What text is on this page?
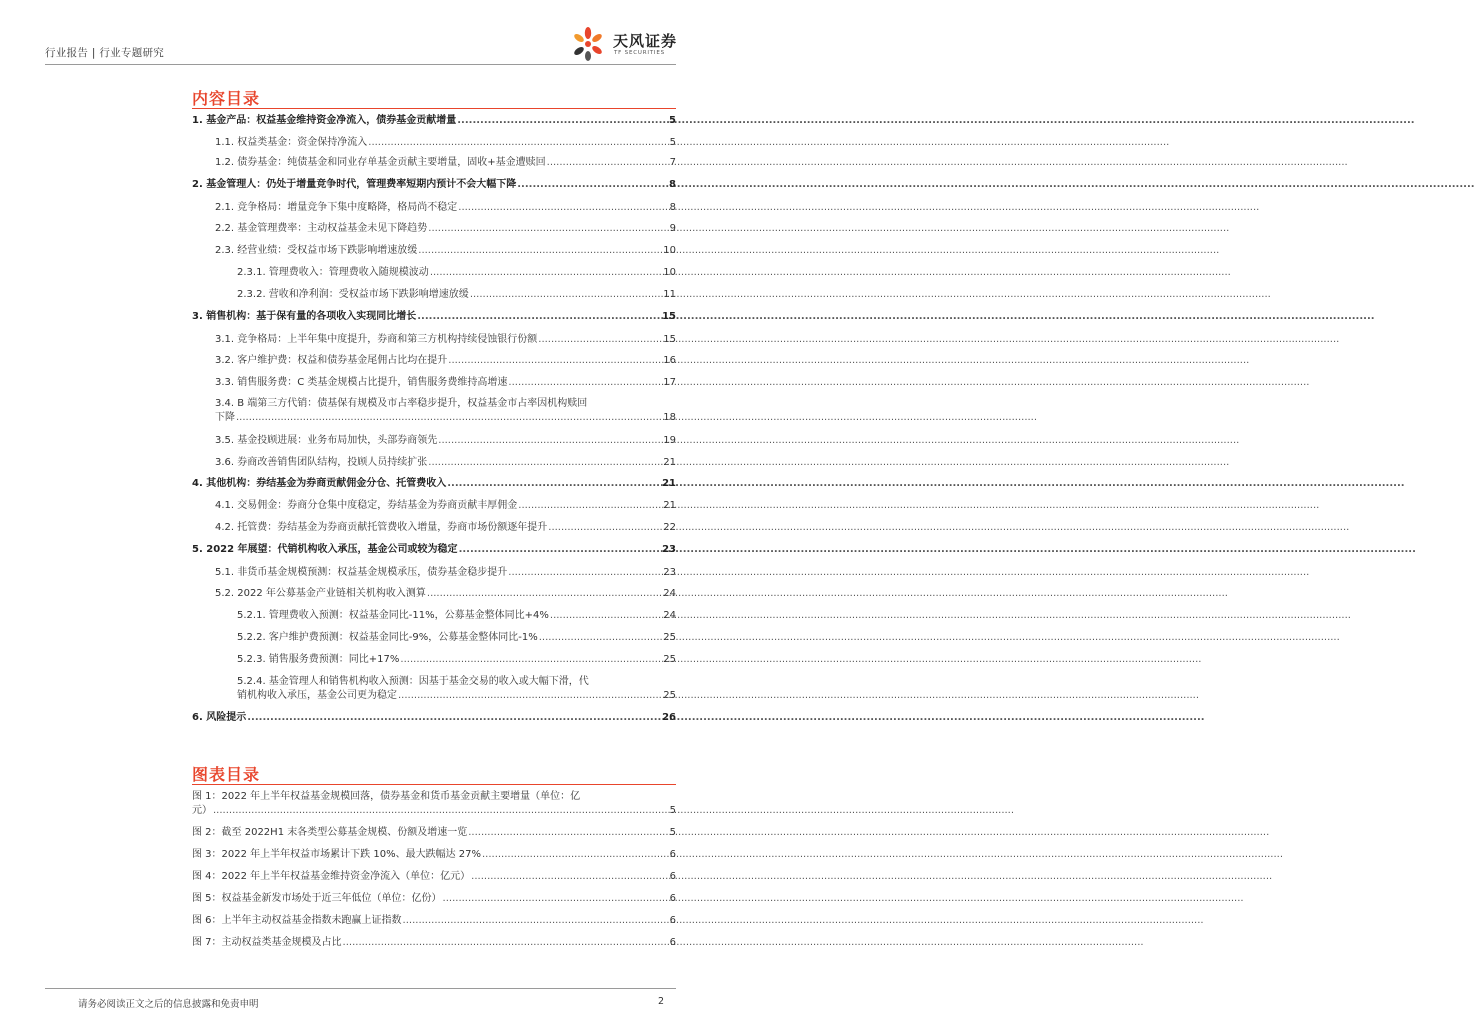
行业报告 | 行业专题研究
天风证券
TF SECURITIES
内容目录
1. 基金产品：权益基金维持资金净流入，债券基金贡献增量 .....	5
1.1. 权益类基金：资金保持净流入 .....	5
1.2. 债券基金：纯债基金和同业存单基金贡献主要增量，固收+基金遭赎回 .....	7
2. 基金管理人：仍处于增量竞争时代，管理费率短期内预计不会大幅下降 .....	8
2.1. 竞争格局：增量竞争下集中度略降，格局尚不稳定 .....	8
2.2. 基金管理费率：主动权益基金未见下降趋势 .....	9
2.3. 经营业绩：受权益市场下跌影响增速放缓 .....	10
2.3.1. 管理费收入：管理费收入随规模波动 .....	10
2.3.2. 营收和净利润：受权益市场下跌影响增速放缓 .....	11
3. 销售机构：基于保有量的各项收入实现同比增长 .....	15
3.1. 竞争格局：上半年集中度提升，券商和第三方机构持续侵蚀银行份额 .....	15
3.2. 客户维护费：权益和债券基金尾佣占比均在提升 .....	16
3.3. 销售服务费：C 类基金规模占比提升，销售服务费维持高增速 .....	17
3.4. B 端第三方代销：债基保有规模及市占率稳步提升，权益基金市占率因机构赎回
下降 .....	18
3.5. 基金投顾进展：业务布局加快，头部券商领先 .....	19
3.6. 券商改善销售团队结构，投顾人员持续扩张 .....	21
4. 其他机构：券结基金为券商贡献佣金分仓、托管费收入 .....	21
4.1. 交易佣金：券商分仓集中度稳定，券结基金为券商贡献丰厚佣金 .....	21
4.2. 托管费：券结基金为券商贡献托管费收入增量，券商市场份额逐年提升 .....	22
5. 2022 年展望：代销机构收入承压，基金公司或较为稳定 .....	23
5.1. 非货币基金规模预测：权益基金规模承压，债券基金稳步提升 .....	23
5.2. 2022 年公募基金产业链相关机构收入测算 .....	24
5.2.1. 管理费收入预测：权益基金同比-11%，公募基金整体同比+4% .....	24
5.2.2. 客户维护费预测：权益基金同比-9%，公募基金整体同比-1% .....	25
5.2.3. 销售服务费预测：同比+17% .....	25
5.2.4. 基金管理人和销售机构收入预测：因基于基金交易的收入或大幅下滑，代
销机构收入承压，基金公司更为稳定 .....	25
6. 风险提示 .....	26
图表目录
图 1：2022 年上半年权益基金规模回落，债券基金和货币基金贡献主要增量（单位：亿
元） .....	5
图 2：截至 2022H1 末各类型公募基金规模、份额及增速一览 .....	5
图 3：2022 年上半年权益市场累计下跌 10%、最大跌幅达 27% .....	6
图 4：2022 年上半年权益基金维持资金净流入（单位：亿元） .....	6
图 5：权益基金新发市场处于近三年低位（单位：亿份） .....	6
图 6：上半年主动权益基金指数未跑赢上证指数 .....	6
图 7：主动权益类基金规模及占比 .....	6
请务必阅读正文之后的信息披露和免责申明	2
